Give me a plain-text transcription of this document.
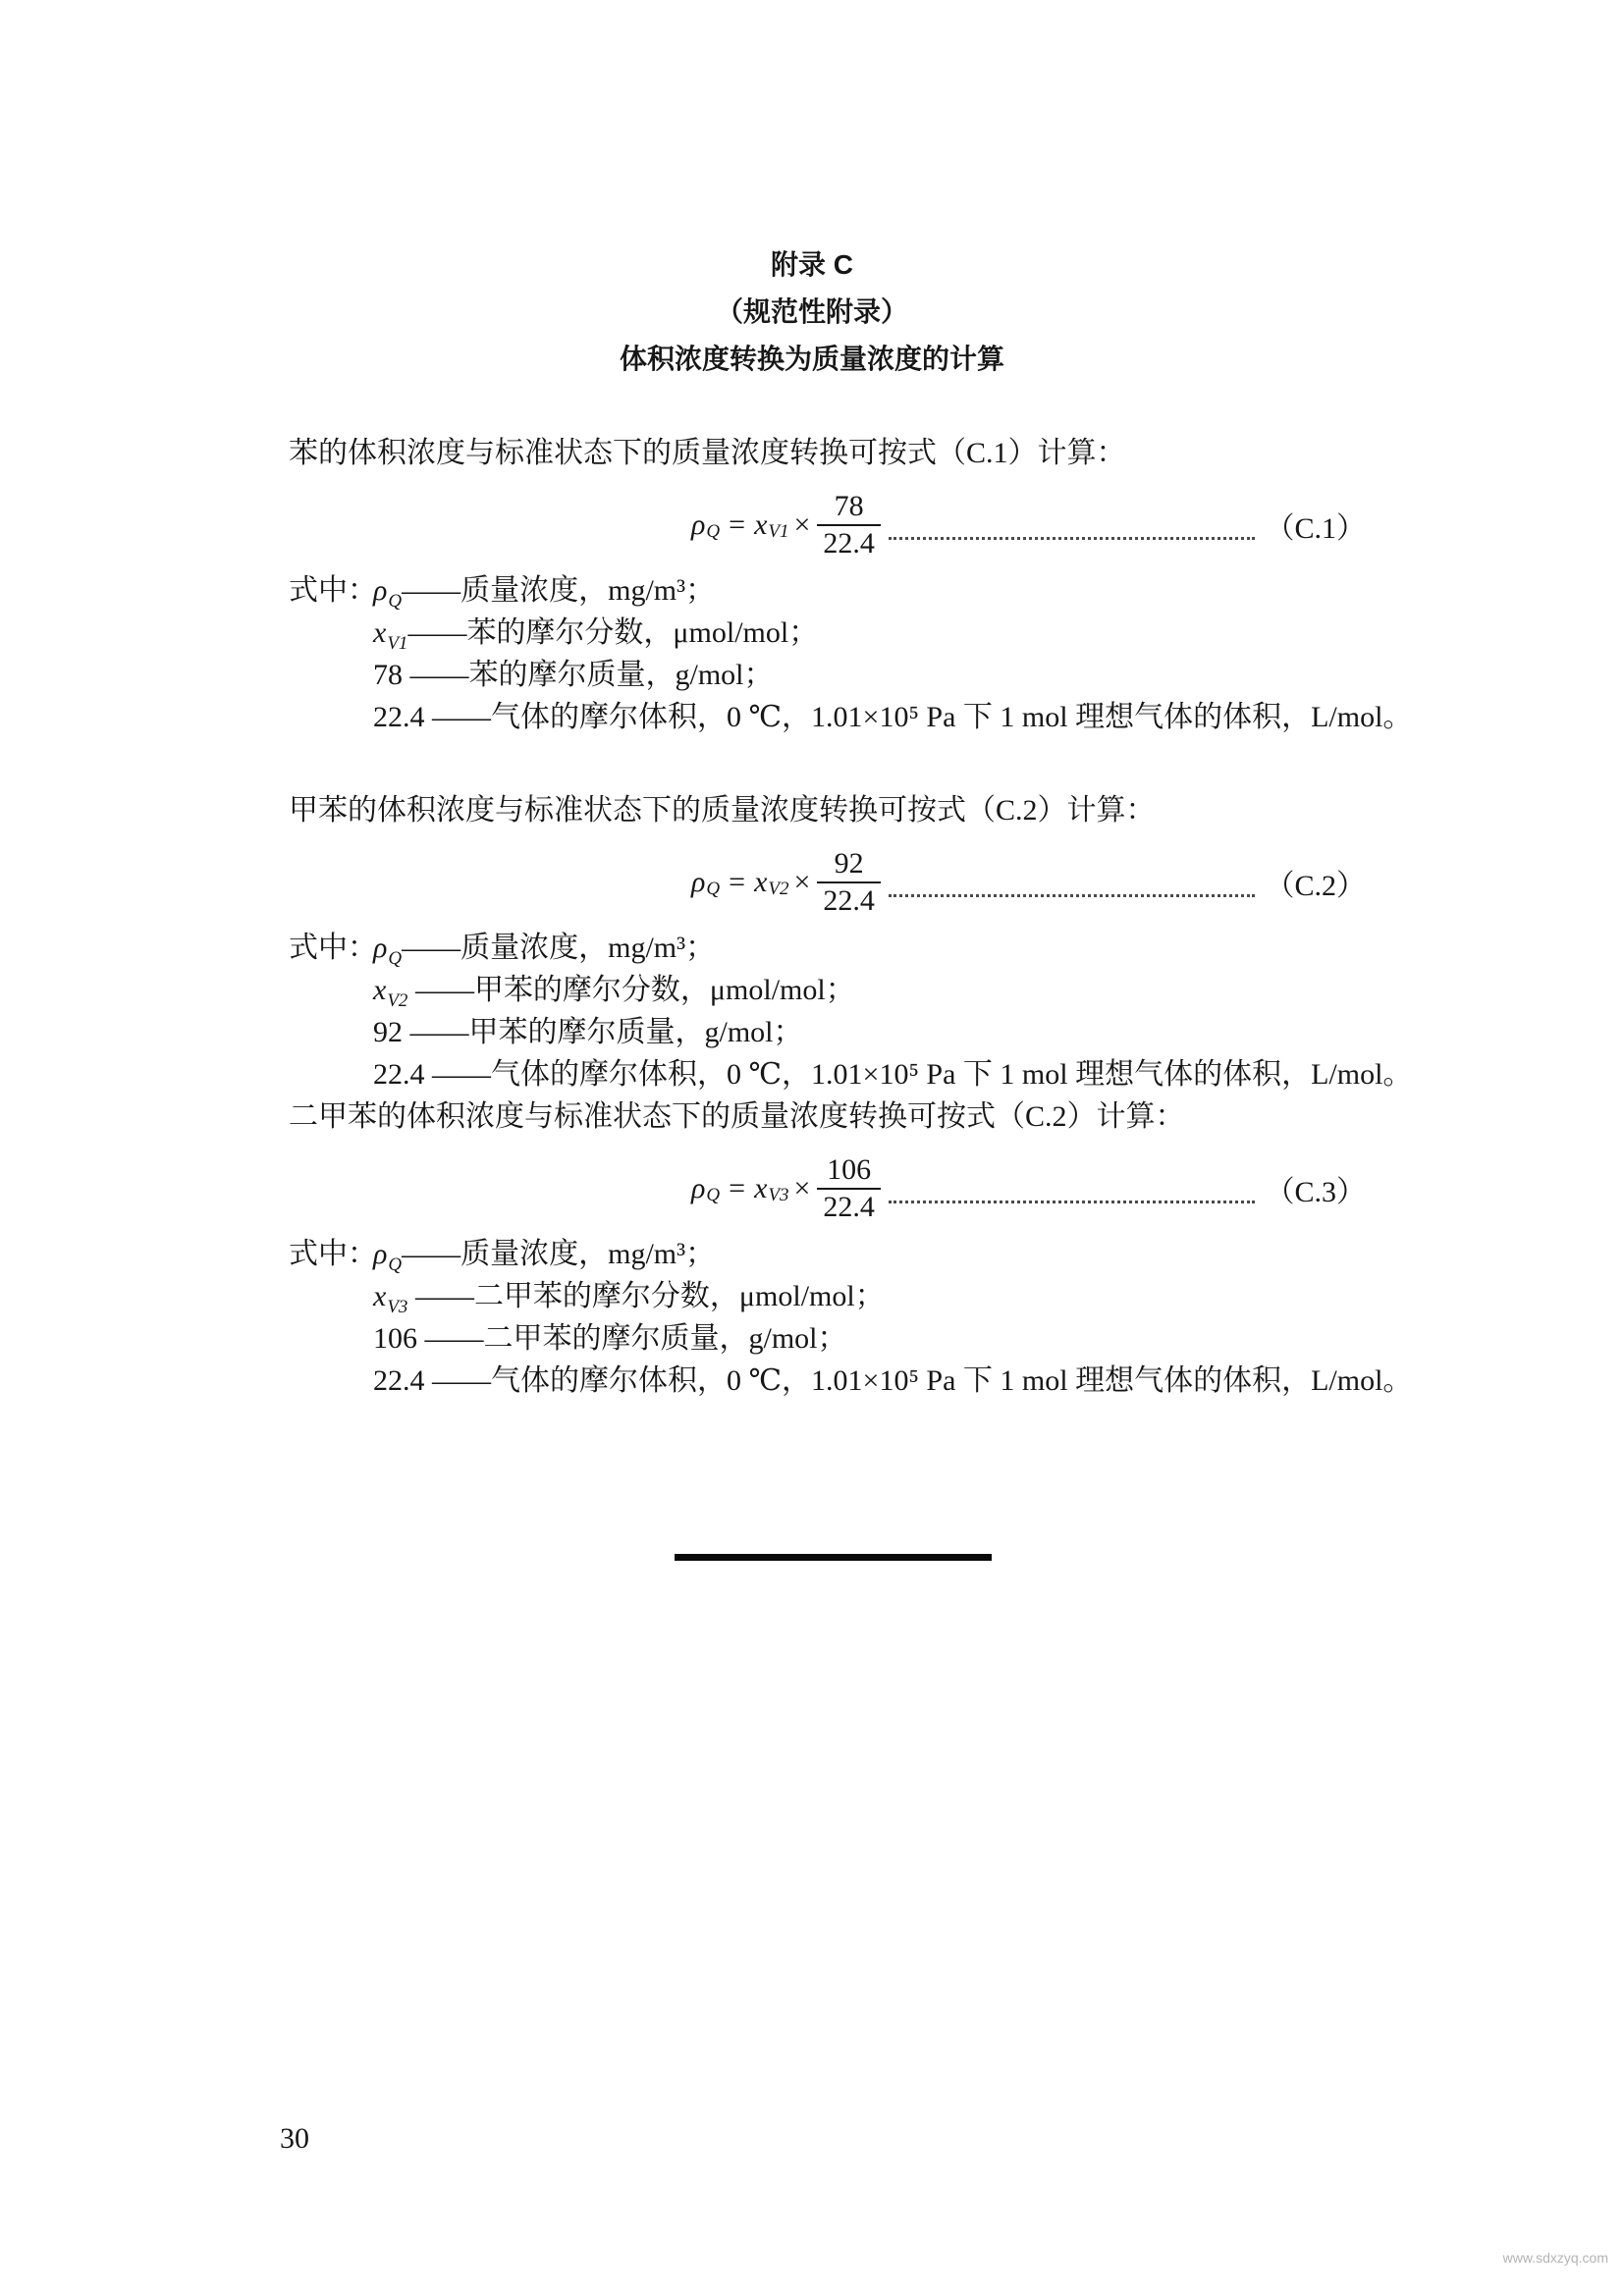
附录 C
（规范性附录）
体积浓度转换为质量浓度的计算

苯的体积浓度与标准状态下的质量浓度转换可按式（C.1）计算：

$\rho_Q = x_{V1} \times \frac{78}{22.4}$	（C.1）
式中：$\rho_Q——$质量浓度，mg/m³；
$x_{V1}——$苯的摩尔分数，μmol/mol；
78 ——苯的摩尔质量，g/mol；
22.4 ——气体的摩尔体积，0 ℃，1.01×10⁵ Pa 下 1 mol 理想气体的体积，L/mol。

甲苯的体积浓度与标准状态下的质量浓度转换可按式（C.2）计算：

$\rho_Q = x_{V2} \times \frac{92}{22.4}$	（C.2）
式中：$\rho_Q——$质量浓度，mg/m³；
$x_{V2}$ ——甲苯的摩尔分数，μmol/mol；
92 ——甲苯的摩尔质量，g/mol；
22.4 ——气体的摩尔体积，0 ℃，1.01×10⁵ Pa 下 1 mol 理想气体的体积，L/mol。

二甲苯的体积浓度与标准状态下的质量浓度转换可按式（C.2）计算：

$\rho_Q = x_{V3} \times \frac{106}{22.4}$	（C.3）
式中：$\rho_Q——$质量浓度，mg/m³；
$x_{V3}$ ——二甲苯的摩尔分数，μmol/mol；
106 ——二甲苯的摩尔质量，g/mol；
22.4 ——气体的摩尔体积，0 ℃，1.01×10⁵ Pa 下 1 mol 理想气体的体积，L/mol。
30
www.sdxzyq.com
